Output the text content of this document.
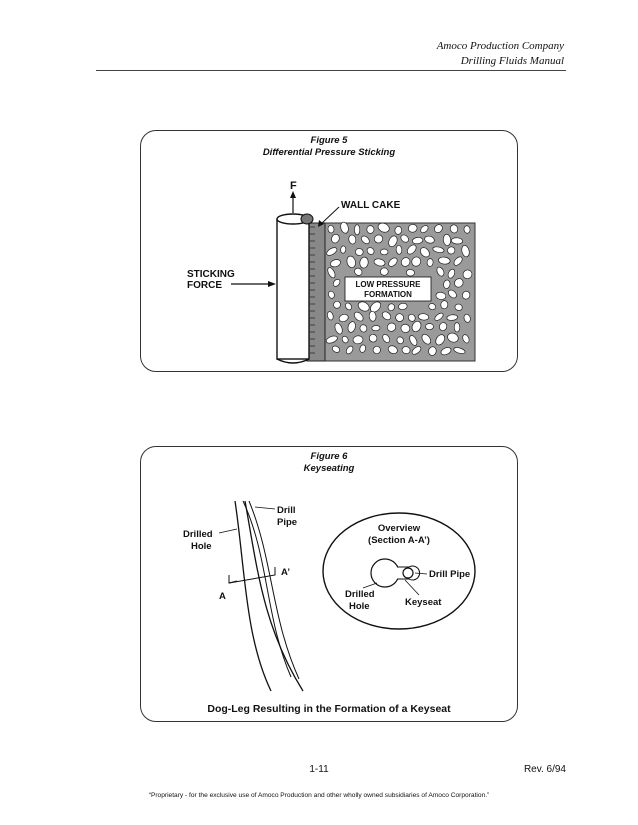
Amoco Production Company
Drilling Fluids Manual
Figure 5
Differential Pressure Sticking
F
WALL CAKE
STICKING
FORCE	LOW PRESSURE
FORMATION
Figure 6
Keyseating
Drill
Pipe
Drilled
Hole
A
A’
Overview
(Section A-A’)
Drill Pipe
Keyseat
Drilled
Hole
Dog-Leg Resulting in the Formation of a Keyseat
1-11	Rev. 6/94
“Proprietary - for the exclusive use of Amoco Production and other wholly owned subsidiaries of Amoco Corporation.”
